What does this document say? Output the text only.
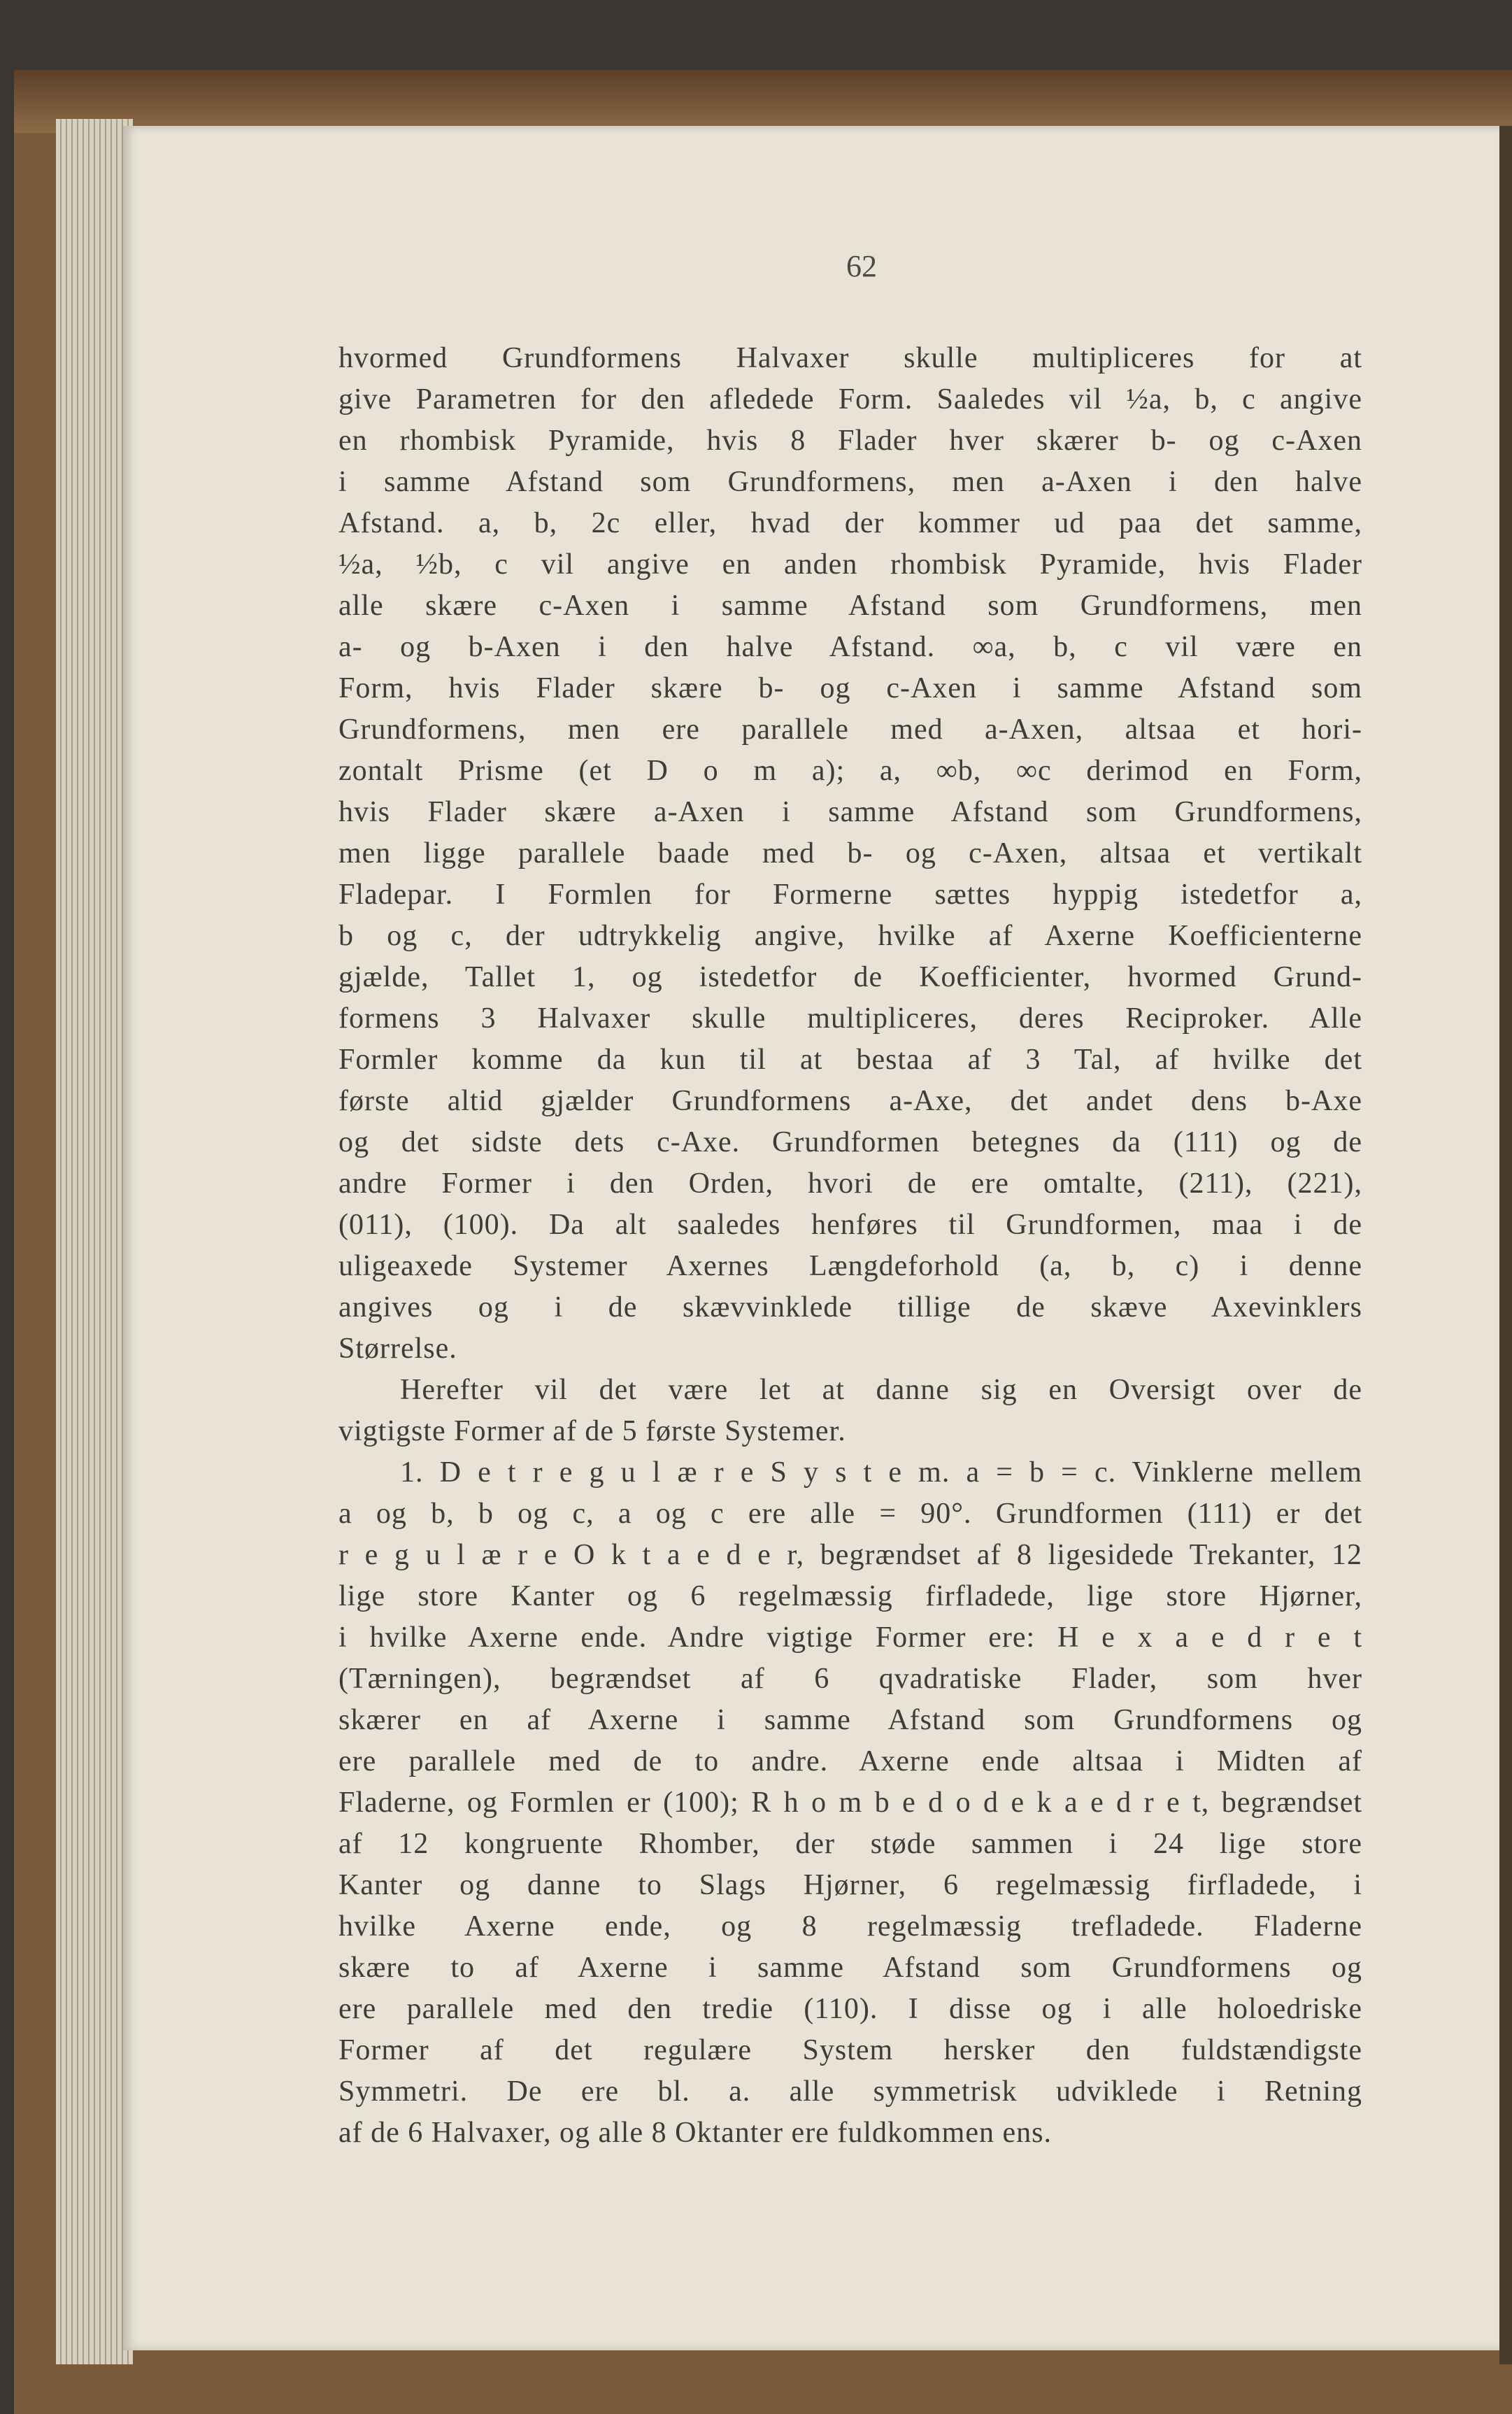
62
hvormed Grundformens Halvaxer skulle multipliceres for at
give Parametren for den afledede Form. Saaledes vil ½a, b, c angive
en rhombisk Pyramide, hvis 8 Flader hver skærer b- og c-Axen
i samme Afstand som Grundformens, men a-Axen i den halve
Afstand. a, b, 2c eller, hvad der kommer ud paa det samme,
½a, ½b, c vil angive en anden rhombisk Pyramide, hvis Flader
alle skære c-Axen i samme Afstand som Grundformens, men
a- og b-Axen i den halve Afstand. ∞a, b, c vil være en
Form, hvis Flader skære b- og c-Axen i samme Afstand som
Grundformens, men ere parallele med a-Axen, altsaa et hori-
zontalt Prisme (et D o m a); a, ∞b, ∞c derimod en Form,
hvis Flader skære a-Axen i samme Afstand som Grundformens,
men ligge parallele baade med b- og c-Axen, altsaa et vertikalt
Fladepar. I Formlen for Formerne sættes hyppig istedetfor a,
b og c, der udtrykkelig angive, hvilke af Axerne Koefficienterne
gjælde, Tallet 1, og istedetfor de Koefficienter, hvormed Grund-
formens 3 Halvaxer skulle multipliceres, deres Reciproker. Alle
Formler komme da kun til at bestaa af 3 Tal, af hvilke det
første altid gjælder Grundformens a-Axe, det andet dens b-Axe
og det sidste dets c-Axe. Grundformen betegnes da (111) og de
andre Former i den Orden, hvori de ere omtalte, (211), (221),
(011), (100). Da alt saaledes henføres til Grundformen, maa i de
uligeaxede Systemer Axernes Længdeforhold (a, b, c) i denne
angives og i de skævvinklede tillige de skæve Axevinklers
Størrelse.
Herefter vil det være let at danne sig en Oversigt over de
vigtigste Former af de 5 første Systemer.
1. D e t r e g u l æ r e S y s t e m. a = b = c. Vinklerne mellem
a og b, b og c, a og c ere alle = 90°. Grundformen (111) er det
r e g u l æ r e O k t a e d e r, begrændset af 8 ligesidede Trekanter, 12
lige store Kanter og 6 regelmæssig firfladede, lige store Hjørner,
i hvilke Axerne ende. Andre vigtige Former ere: H e x a e d r e t
(Tærningen), begrændset af 6 qvadratiske Flader, som hver
skærer en af Axerne i samme Afstand som Grundformens og
ere parallele med de to andre. Axerne ende altsaa i Midten af
Fladerne, og Formlen er (100); R h o m b e d o d e k a e d r e t, begrændset
af 12 kongruente Rhomber, der støde sammen i 24 lige store
Kanter og danne to Slags Hjørner, 6 regelmæssig firfladede, i
hvilke Axerne ende, og 8 regelmæssig trefladede. Fladerne
skære to af Axerne i samme Afstand som Grundformens og
ere parallele med den tredie (110). I disse og i alle holoedriske
Former af det regulære System hersker den fuldstændigste
Symmetri. De ere bl. a. alle symmetrisk udviklede i Retning
af de 6 Halvaxer, og alle 8 Oktanter ere fuldkommen ens.
